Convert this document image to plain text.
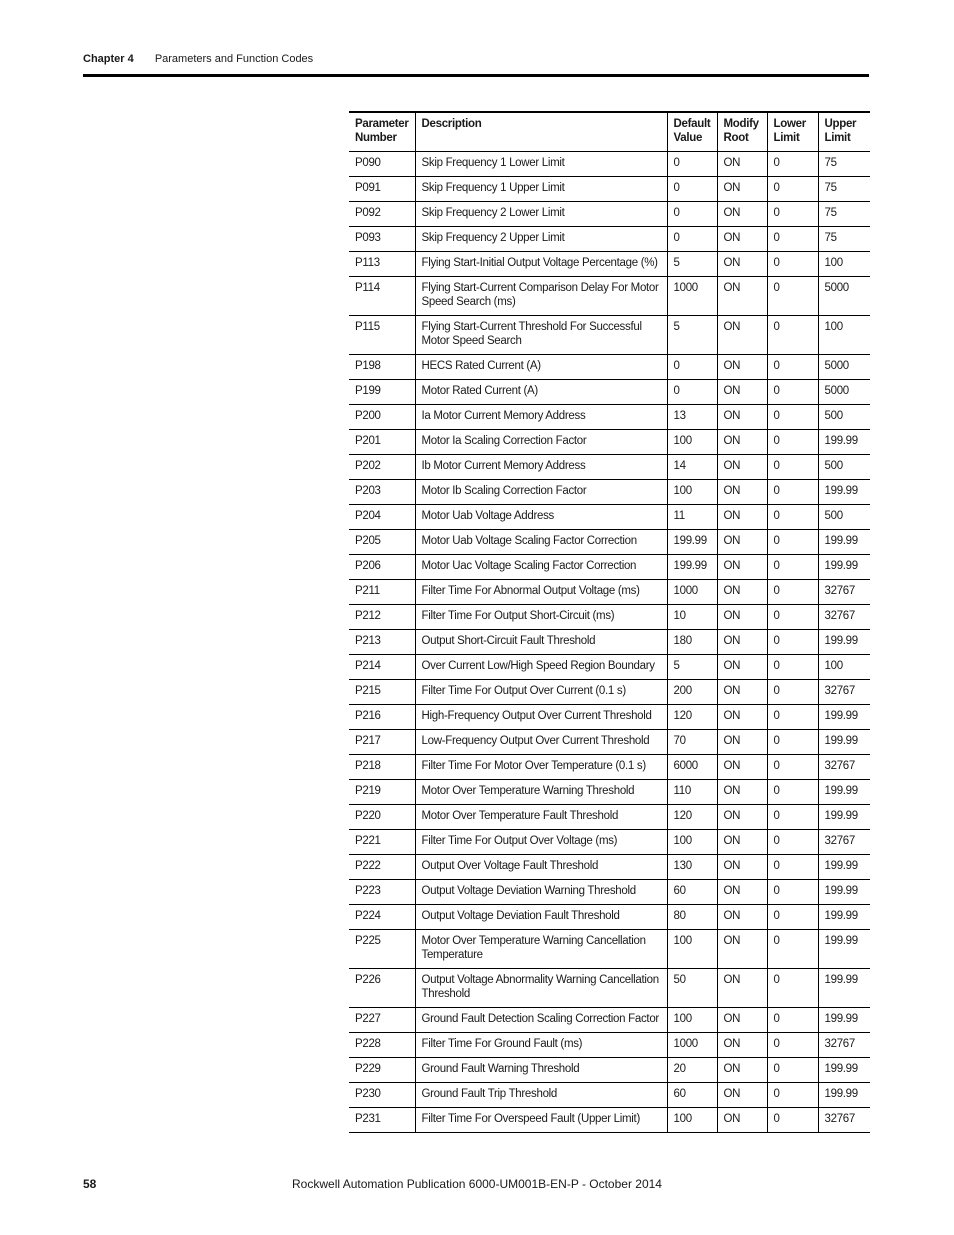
Chapter 4 Parameters and Function Codes
Parameter Number	Description	Default Value	Modify Root	Lower Limit	Upper Limit
P090	Skip Frequency 1 Lower Limit	0	ON	0	75
P091	Skip Frequency 1 Upper Limit	0	ON	0	75
P092	Skip Frequency 2 Lower Limit	0	ON	0	75
P093	Skip Frequency 2 Upper Limit	0	ON	0	75
P113	Flying Start-Initial Output Voltage Percentage (%)	5	ON	0	100
P114	Flying Start-Current Comparison Delay For Motor Speed Search (ms)	1000	ON	0	5000
P115	Flying Start-Current Threshold For Successful Motor Speed Search	5	ON	0	100
P198	HECS Rated Current (A)	0	ON	0	5000
P199	Motor Rated Current (A)	0	ON	0	5000
P200	Ia Motor Current Memory Address	13	ON	0	500
P201	Motor Ia Scaling Correction Factor	100	ON	0	199.99
P202	Ib Motor Current Memory Address	14	ON	0	500
P203	Motor Ib Scaling Correction Factor	100	ON	0	199.99
P204	Motor Uab Voltage Address	11	ON	0	500
P205	Motor Uab Voltage Scaling Factor Correction	199.99	ON	0	199.99
P206	Motor Uac Voltage Scaling Factor Correction	199.99	ON	0	199.99
P211	Filter Time For Abnormal Output Voltage (ms)	1000	ON	0	32767
P212	Filter Time For Output Short-Circuit (ms)	10	ON	0	32767
P213	Output Short-Circuit Fault Threshold	180	ON	0	199.99
P214	Over Current Low/High Speed Region Boundary	5	ON	0	100
P215	Filter Time For Output Over Current (0.1 s)	200	ON	0	32767
P216	High-Frequency Output Over Current Threshold	120	ON	0	199.99
P217	Low-Frequency Output Over Current Threshold	70	ON	0	199.99
P218	Filter Time For Motor Over Temperature (0.1 s)	6000	ON	0	32767
P219	Motor Over Temperature Warning Threshold	110	ON	0	199.99
P220	Motor Over Temperature Fault Threshold	120	ON	0	199.99
P221	Filter Time For Output Over Voltage (ms)	100	ON	0	32767
P222	Output Over Voltage Fault Threshold	130	ON	0	199.99
P223	Output Voltage Deviation Warning Threshold	60	ON	0	199.99
P224	Output Voltage Deviation Fault Threshold	80	ON	0	199.99
P225	Motor Over Temperature Warning Cancellation Temperature	100	ON	0	199.99
P226	Output Voltage Abnormality Warning Cancellation Threshold	50	ON	0	199.99
P227	Ground Fault Detection Scaling Correction Factor	100	ON	0	199.99
P228	Filter Time For Ground Fault (ms)	1000	ON	0	32767
P229	Ground Fault Warning Threshold	20	ON	0	199.99
P230	Ground Fault Trip Threshold	60	ON	0	199.99
P231	Filter Time For Overspeed Fault (Upper Limit)	100	ON	0	32767
58	Rockwell Automation Publication 6000-UM001B-EN-P - October 2014
